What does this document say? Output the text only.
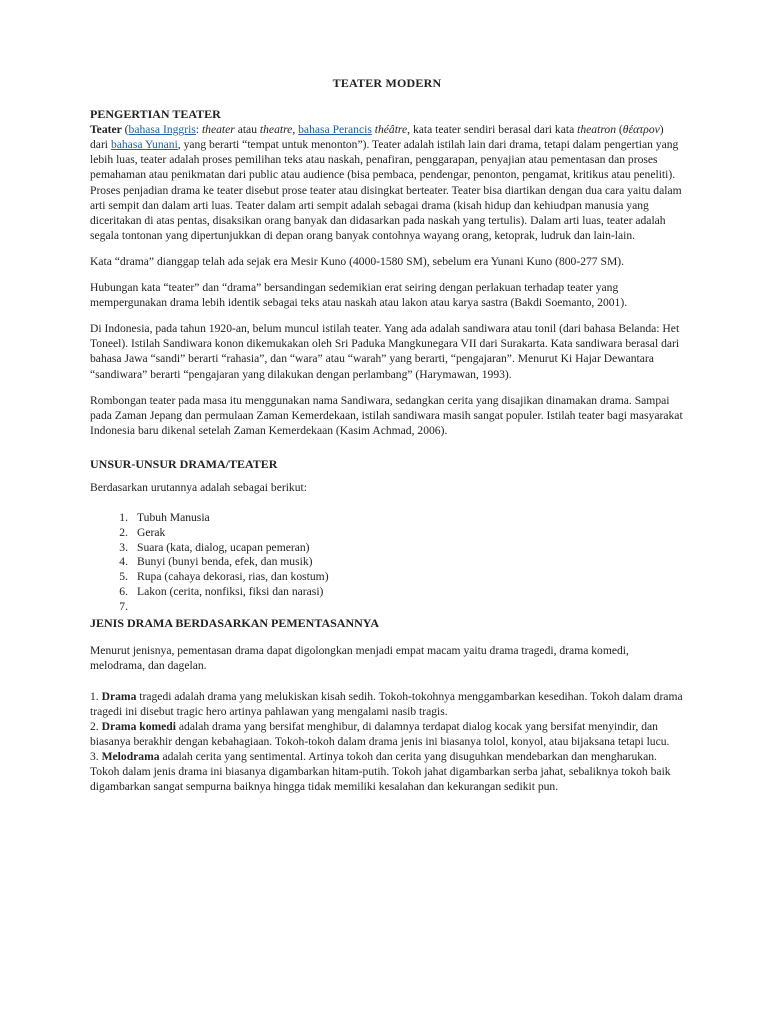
TEATER MODERN
PENGERTIAN TEATER

Teater (bahasa Inggris: theater atau theatre, bahasa Perancis théâtre, kata teater sendiri berasal dari kata theatron (θέατρον) dari bahasa Yunani, yang berarti “tempat untuk menonton”). Teater adalah istilah lain dari drama, tetapi dalam pengertian yang lebih luas, teater adalah proses pemilihan teks atau naskah, penafiran, penggarapan, penyajian atau pementasan dan proses pemahaman atau penikmatan dari public atau audience (bisa pembaca, pendengar, penonton, pengamat, kritikus atau peneliti). Proses penjadian drama ke teater disebut prose teater atau disingkat berteater. Teater bisa diartikan dengan dua cara yaitu dalam arti sempit dan dalam arti luas. Teater dalam arti sempit adalah sebagai drama (kisah hidup dan kehiudpan manusia yang diceritakan di atas pentas, disaksikan orang banyak dan didasarkan pada naskah yang tertulis). Dalam arti luas, teater adalah segala tontonan yang dipertunjukkan di depan orang banyak contohnya wayang orang, ketoprak, ludruk dan lain-lain.

Kata “drama” dianggap telah ada sejak era Mesir Kuno (4000-1580 SM), sebelum era Yunani Kuno (800-277 SM).

Hubungan kata “teater” dan “drama” bersandingan sedemikian erat seiring dengan perlakuan terhadap teater yang mempergunakan drama lebih identik sebagai teks atau naskah atau lakon atau karya sastra (Bakdi Soemanto, 2001).

Di Indonesia, pada tahun 1920-an, belum muncul istilah teater. Yang ada adalah sandiwara atau tonil (dari bahasa Belanda: Het Toneel). Istilah Sandiwara konon dikemukakan oleh Sri Paduka Mangkunegara VII dari Surakarta. Kata sandiwara berasal dari bahasa Jawa “sandi” berarti “rahasia”, dan “wara” atau “warah” yang berarti, “pengajaran”. Menurut Ki Hajar Dewantara “sandiwara” berarti “pengajaran yang dilakukan dengan perlambang” (Harymawan, 1993).

Rombongan teater pada masa itu menggunakan nama Sandiwara, sedangkan cerita yang disajikan dinamakan drama. Sampai pada Zaman Jepang dan permulaan Zaman Kemerdekaan, istilah sandiwara masih sangat populer. Istilah teater bagi masyarakat Indonesia baru dikenal setelah Zaman Kemerdekaan (Kasim Achmad, 2006).

UNSUR-UNSUR DRAMA/TEATER

Berdasarkan urutannya adalah sebagai berikut:

1. Tubuh Manusia
2. Gerak
3. Suara (kata, dialog, ucapan pemeran)
4. Bunyi (bunyi benda, efek, dan musik)
5. Rupa (cahaya dekorasi, rias, dan kostum)
6. Lakon (cerita, nonfiksi, fiksi dan narasi)
7.
JENIS DRAMA BERDASARKAN PEMENTASANNYA

Menurut jenisnya, pementasan drama dapat digolongkan menjadi empat macam yaitu drama tragedi, drama komedi, melodrama, dan dagelan.

1. Drama tragedi adalah drama yang melukiskan kisah sedih. Tokoh-tokohnya menggambarkan kesedihan. Tokoh dalam drama tragedi ini disebut tragic hero artinya pahlawan yang mengalami nasib tragis.

2. Drama komedi adalah drama yang bersifat menghibur, di dalamnya terdapat dialog kocak yang bersifat menyindir, dan biasanya berakhir dengan kebahagiaan. Tokoh-tokoh dalam drama jenis ini biasanya tolol, konyol, atau bijaksana tetapi lucu.

3. Melodrama adalah cerita yang sentimental. Artinya tokoh dan cerita yang disuguhkan mendebarkan dan mengharukan. Tokoh dalam jenis drama ini biasanya digambarkan hitam-putih. Tokoh jahat digambarkan serba jahat, sebaliknya tokoh baik digambarkan sangat sempurna baiknya hingga tidak memiliki kesalahan dan kekurangan sedikit pun.
